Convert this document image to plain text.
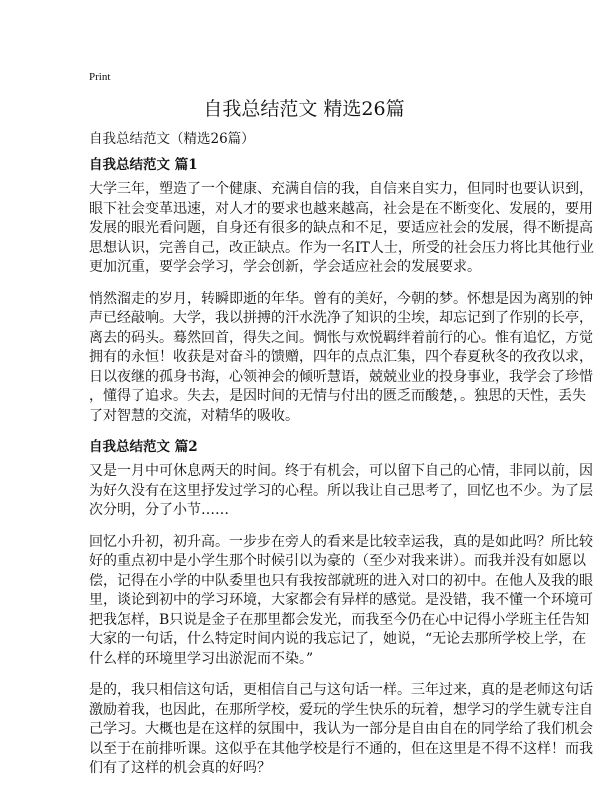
Print
自我总结范文 精选26篇
自我总结范文（精选26篇）
自我总结范文 篇1
大学三年，塑造了一个健康、充满自信的我，自信来自实力，但同时也要认识到，
眼下社会变革迅速，对人才的要求也越来越高，社会是在不断变化、发展的，要用
发展的眼光看问题，自身还有很多的缺点和不足，要适应社会的发展，得不断提高
思想认识，完善自己，改正缺点。作为一名IT人士，所受的社会压力将比其他行业
更加沉重，要学会学习，学会创新，学会适应社会的发展要求。
悄然溜走的岁月，转瞬即逝的年华。曾有的美好，今朝的梦。怀想是因为离别的钟
声已经敲响。大学，我以拼搏的汗水洗净了知识的尘埃，却忘记到了作别的长亭，
离去的码头。蓦然回首，得失之间。惆怅与欢悦羁绊着前行的心。惟有追忆，方觉
拥有的永恒！收获是对奋斗的馈赠，四年的点点汇集，四个春夏秋冬的孜孜以求，
日以夜继的孤身书海，心领神会的倾听慧语，兢兢业业的投身事业，我学会了珍惜
，懂得了追求。失去，是因时间的无情与付出的匮乏而酸楚，。独思的天性，丢失
了对智慧的交流，对精华的吸收。
自我总结范文 篇2
又是一月中可休息两天的时间。终于有机会，可以留下自己的心情，非同以前，因
为好久没有在这里抒发过学习的心程。所以我让自己思考了，回忆也不少。为了层
次分明，分了小节……
回忆小升初，初升高。一步步在旁人的看来是比较幸运我，真的是如此吗？所比较
好的重点初中是小学生那个时候引以为豪的（至少对我来讲）。而我并没有如愿以
偿，记得在小学的中队委里也只有我按部就班的进入对口的初中。在他人及我的眼
里，谈论到初中的学习环境，大家都会有异样的感觉。是没错，我不懂一个环境可
把我怎样，B只说是金子在那里都会发光，而我至今仍在心中记得小学班主任告知
大家的一句话，什么特定时间内说的我忘记了，她说，“无论去那所学校上学，在
什么样的环境里学习出淤泥而不染。”
是的，我只相信这句话，更相信自己与这句话一样。三年过来，真的是老师这句话
激励着我，也因此，在那所学校，爱玩的学生快乐的玩着，想学习的学生就专注自
己学习。大概也是在这样的氛围中，我认为一部分是自由自在的同学给了我们机会
以至于在前排听课。这似乎在其他学校是行不通的，但在这里是不得不这样！而我
们有了这样的机会真的好吗？
